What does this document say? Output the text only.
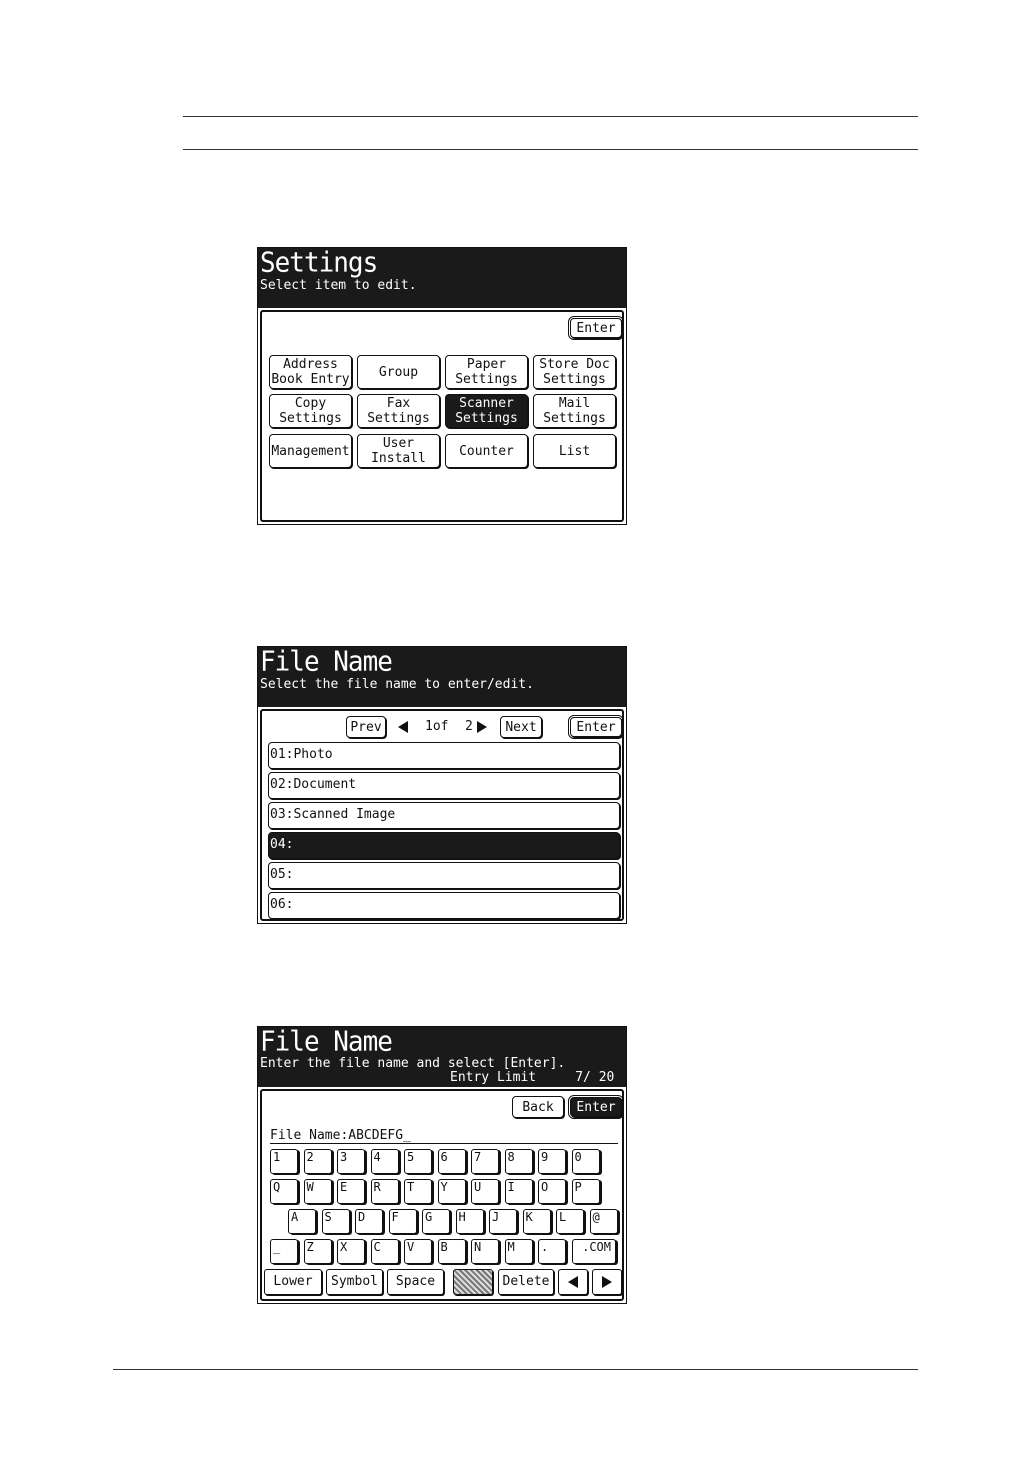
Settings
Select item to edit.
Enter
Address
Book Entry	Group	Paper
Settings
Store Doc
Settings
Copy
Settings
Fax
Settings
Scanner
Settings
Mail
Settings
Management	User
Install	Counter	List
File Name
Select the file name to enter/edit.
Prev	1of 2	Next	Enter
01:Photo
02:Document
03:Scanned Image
04:
05:
06:
File Name
Enter the file name and select [Enter].
Entry Limit     7/ 20
Back	Enter
File Name:ABCDEFG_
1	2	3	4	5	6	7	8	9	0
Q	W	E	R	T	Y	U	I	O	P
A	S	D	F	G	H	J	K	L	@
_	Z	X	C	V	B	N	M	.	.COM
Lower	Symbol	Space	Delete
